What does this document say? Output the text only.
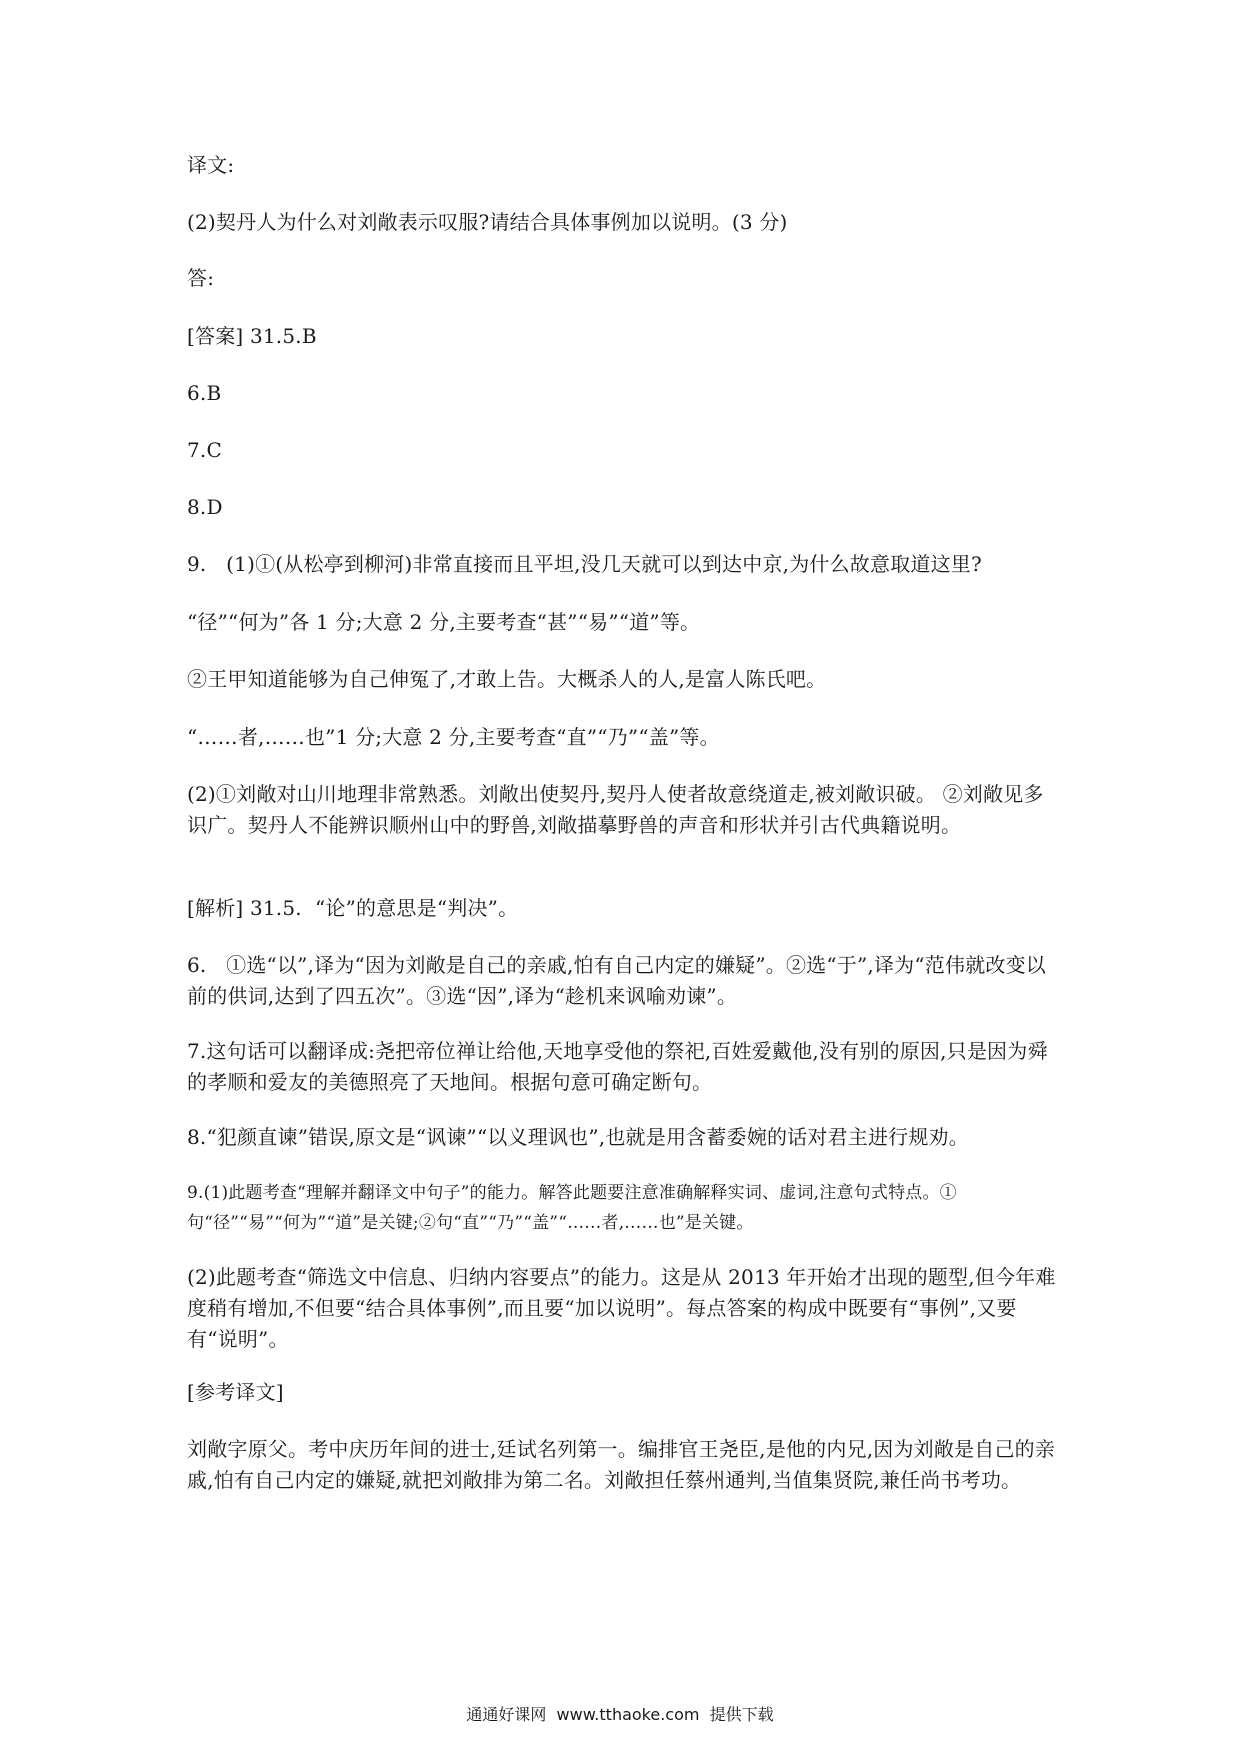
译文:
(2)契丹人为什么对刘敞表示叹服?请结合具体事例加以说明。(3 分)
答:
[答案] 31.5.B
6.B
7.C
8.D
9.   (1)①(从松亭到柳河)非常直接而且平坦,没几天就可以到达中京,为什么故意取道这里?
“径”“何为”各 1 分;大意 2 分,主要考查“甚”“易”“道”等。
②王甲知道能够为自己伸冤了,才敢上告。大概杀人的人,是富人陈氏吧。
“……者,……也”1 分;大意 2 分,主要考查“直”“乃”“盖”等。
(2)①刘敞对山川地理非常熟悉。刘敞出使契丹,契丹人使者故意绕道走,被刘敞识破。 ②刘敞见多识广。契丹人不能辨识顺州山中的野兽,刘敞描摹野兽的声音和形状并引古代典籍说明。
[解析] 31.5.  “论”的意思是“判决”。
6.   ①选“以”,译为“因为刘敞是自己的亲戚,怕有自己内定的嫌疑”。②选“于”,译为“范伟就改变以前的供词,达到了四五次”。③选“因”,译为“趁机来讽喻劝谏”。
7.这句话可以翻译成:尧把帝位禅让给他,天地享受他的祭祀,百姓爱戴他,没有别的原因,只是因为舜的孝顺和爱友的美德照亮了天地间。根据句意可确定断句。
8.“犯颜直谏”错误,原文是“讽谏”“以义理讽也”,也就是用含蓄委婉的话对君主进行规劝。
9.(1)此题考查“理解并翻译文中句子”的能力。解答此题要注意准确解释实词、虚词,注意句式特点。①句“径”“易”“何为”“道”是关键;②句“直”“乃”“盖”“……者,……也”是关键。
(2)此题考查“筛选文中信息、归纳内容要点”的能力。这是从 2013 年开始才出现的题型,但今年难度稍有增加,不但要“结合具体事例”,而且要“加以说明”。每点答案的构成中既要有“事例”,又要有“说明”。
[参考译文]
刘敞字原父。考中庆历年间的进士,廷试名列第一。编排官王尧臣,是他的内兄,因为刘敞是自己的亲戚,怕有自己内定的嫌疑,就把刘敞排为第二名。刘敞担任蔡州通判,当值集贤院,兼任尚书考功。
通通好课网  www.tthaoke.com  提供下载
